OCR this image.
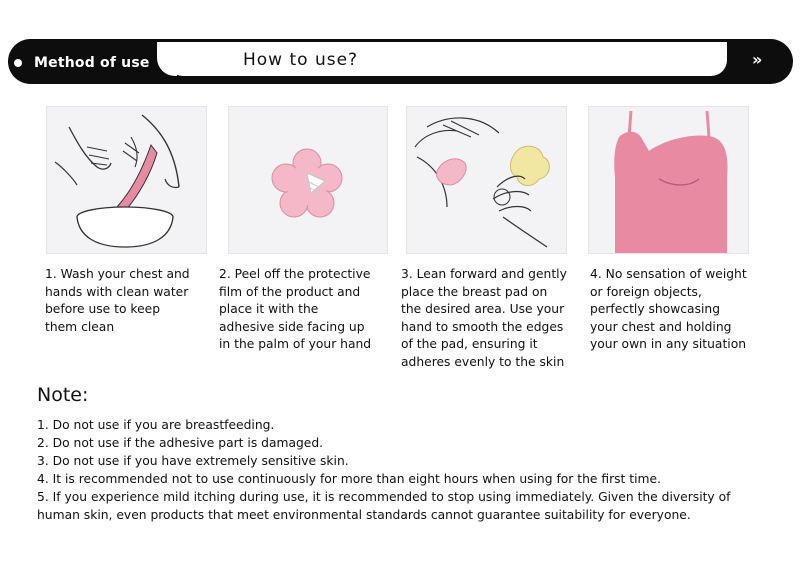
Method of use	How to use?	»
1. Wash your chest and
hands with clean water
before use to keep
them clean
2. Peel off the protective
film of the product and
place it with the
adhesive side facing up
in the palm of your hand
3. Lean forward and gently
place the breast pad on
the desired area. Use your
hand to smooth the edges
of the pad, ensuring it
adheres evenly to the skin
4. No sensation of weight
or foreign objects,
perfectly showcasing
your chest and holding
your own in any situation
Note:
1. Do not use if you are breastfeeding.
2. Do not use if the adhesive part is damaged.
3. Do not use if you have extremely sensitive skin.
4. It is recommended not to use continuously for more than eight hours when using for the first time.
5. If you experience mild itching during use, it is recommended to stop using immediately. Given the diversity of
human skin, even products that meet environmental standards cannot guarantee suitability for everyone.
